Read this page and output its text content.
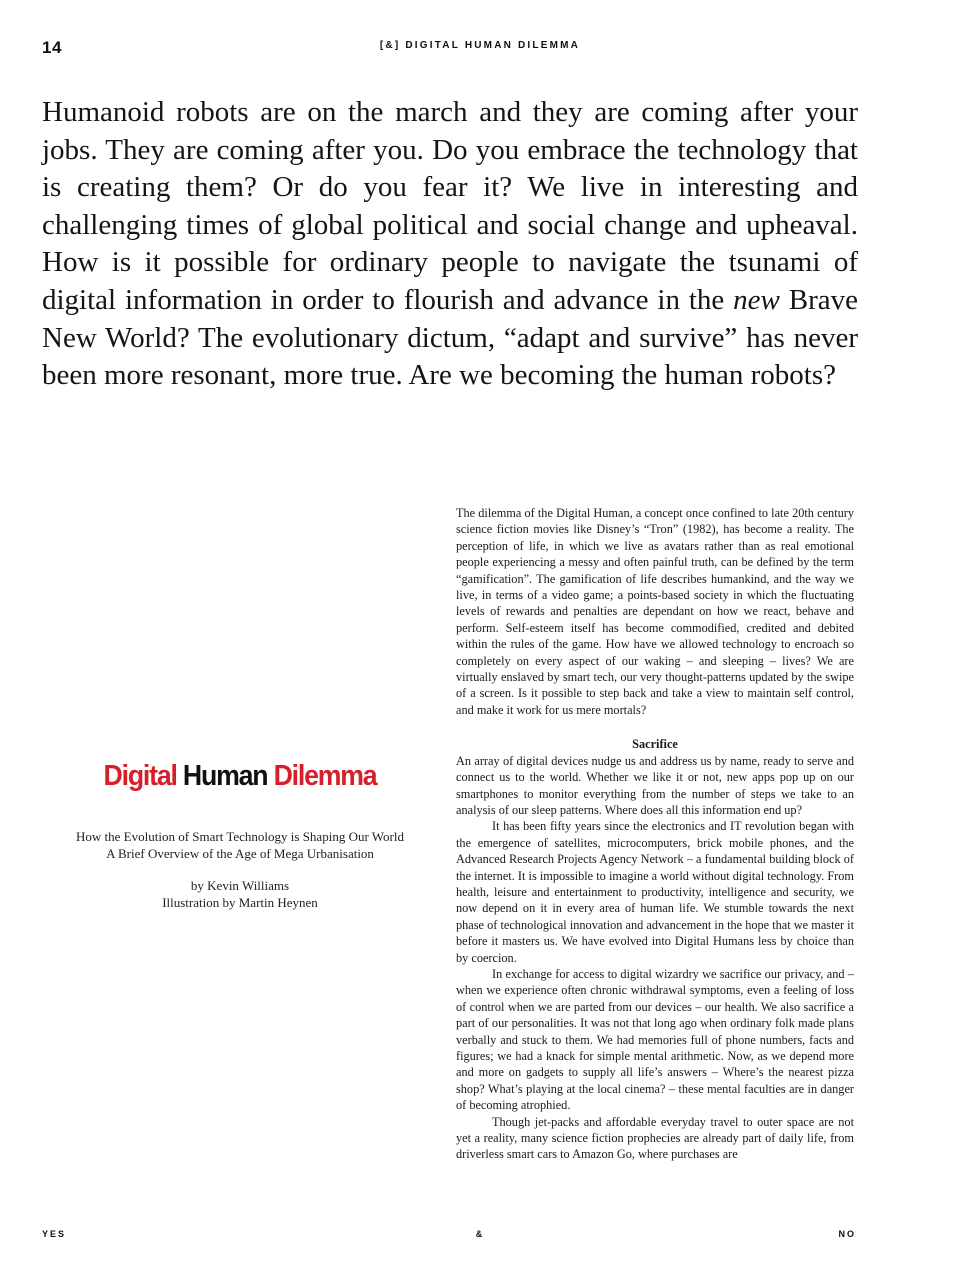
14	[&] DIGITAL HUMAN DILEMMA
Humanoid robots are on the march and they are coming after your jobs. They are coming after you. Do you embrace the technology that is creating them? Or do you fear it? We live in interesting and challenging times of global political and social change and upheaval. How is it possible for ordinary people to navigate the tsunami of digital information in order to flourish and advance in the new Brave New World? The evolutionary dictum, “adapt and survive” has never been more resonant, more true. Are we becoming the human robots?
Digital Human Dilemma
How the Evolution of Smart Technology is Shaping Our World
A Brief Overview of the Age of Mega Urbanisation
by Kevin Williams
Illustration by Martin Heynen

The dilemma of the Digital Human, a concept once confined to late 20th century science fiction movies like Disney’s “Tron” (1982), has become a reality. The perception of life, in which we live as avatars rather than as real emotional people experiencing a messy and often painful truth, can be defined by the term “gamification”. The gamification of life describes humankind, and the way we live, in terms of a video game; a points-based society in which the fluctuating levels of rewards and penalties are dependant on how we react, behave and perform. Self-esteem itself has become commodified, credited and debited within the rules of the game. How have we allowed technology to encroach so completely on every aspect of our waking – and sleeping – lives? We are virtually enslaved by smart tech, our very thought-patterns updated by the swipe of a screen. Is it possible to step back and take a view to maintain self control, and make it work for us mere mortals?

Sacrifice

An array of digital devices nudge us and address us by name, ready to serve and connect us to the world. Whether we like it or not, new apps pop up on our smartphones to monitor everything from the number of steps we take to an analysis of our sleep patterns. Where does all this information end up?

It has been fifty years since the electronics and IT revolution began with the emergence of satellites, microcomputers, brick mobile phones, and the Advanced Research Projects Agency Network – a fundamental building block of the internet. It is impossible to imagine a world without digital technology. From health, leisure and entertainment to productivity, intelligence and security, we now depend on it in every area of human life. We stumble towards the next phase of technological innovation and advancement in the hope that we master it before it masters us. We have evolved into Digital Humans less by choice than by coercion.

In exchange for access to digital wizardry we sacrifice our privacy, and – when we experience often chronic withdrawal symptoms, even a feeling of loss of control when we are parted from our devices – our health. We also sacrifice a part of our personalities. It was not that long ago when ordinary folk made plans verbally and stuck to them. We had memories full of phone numbers, facts and figures; we had a knack for simple mental arithmetic. Now, as we depend more and more on gadgets to supply all life’s answers – Where’s the nearest pizza shop? What’s playing at the local cinema? – these mental faculties are in danger of becoming atrophied.

Though jet-packs and affordable everyday travel to outer space are not yet a reality, many science fiction prophecies are already part of daily life, from driverless smart cars to Amazon Go, where purchases are

YES	&	NO
